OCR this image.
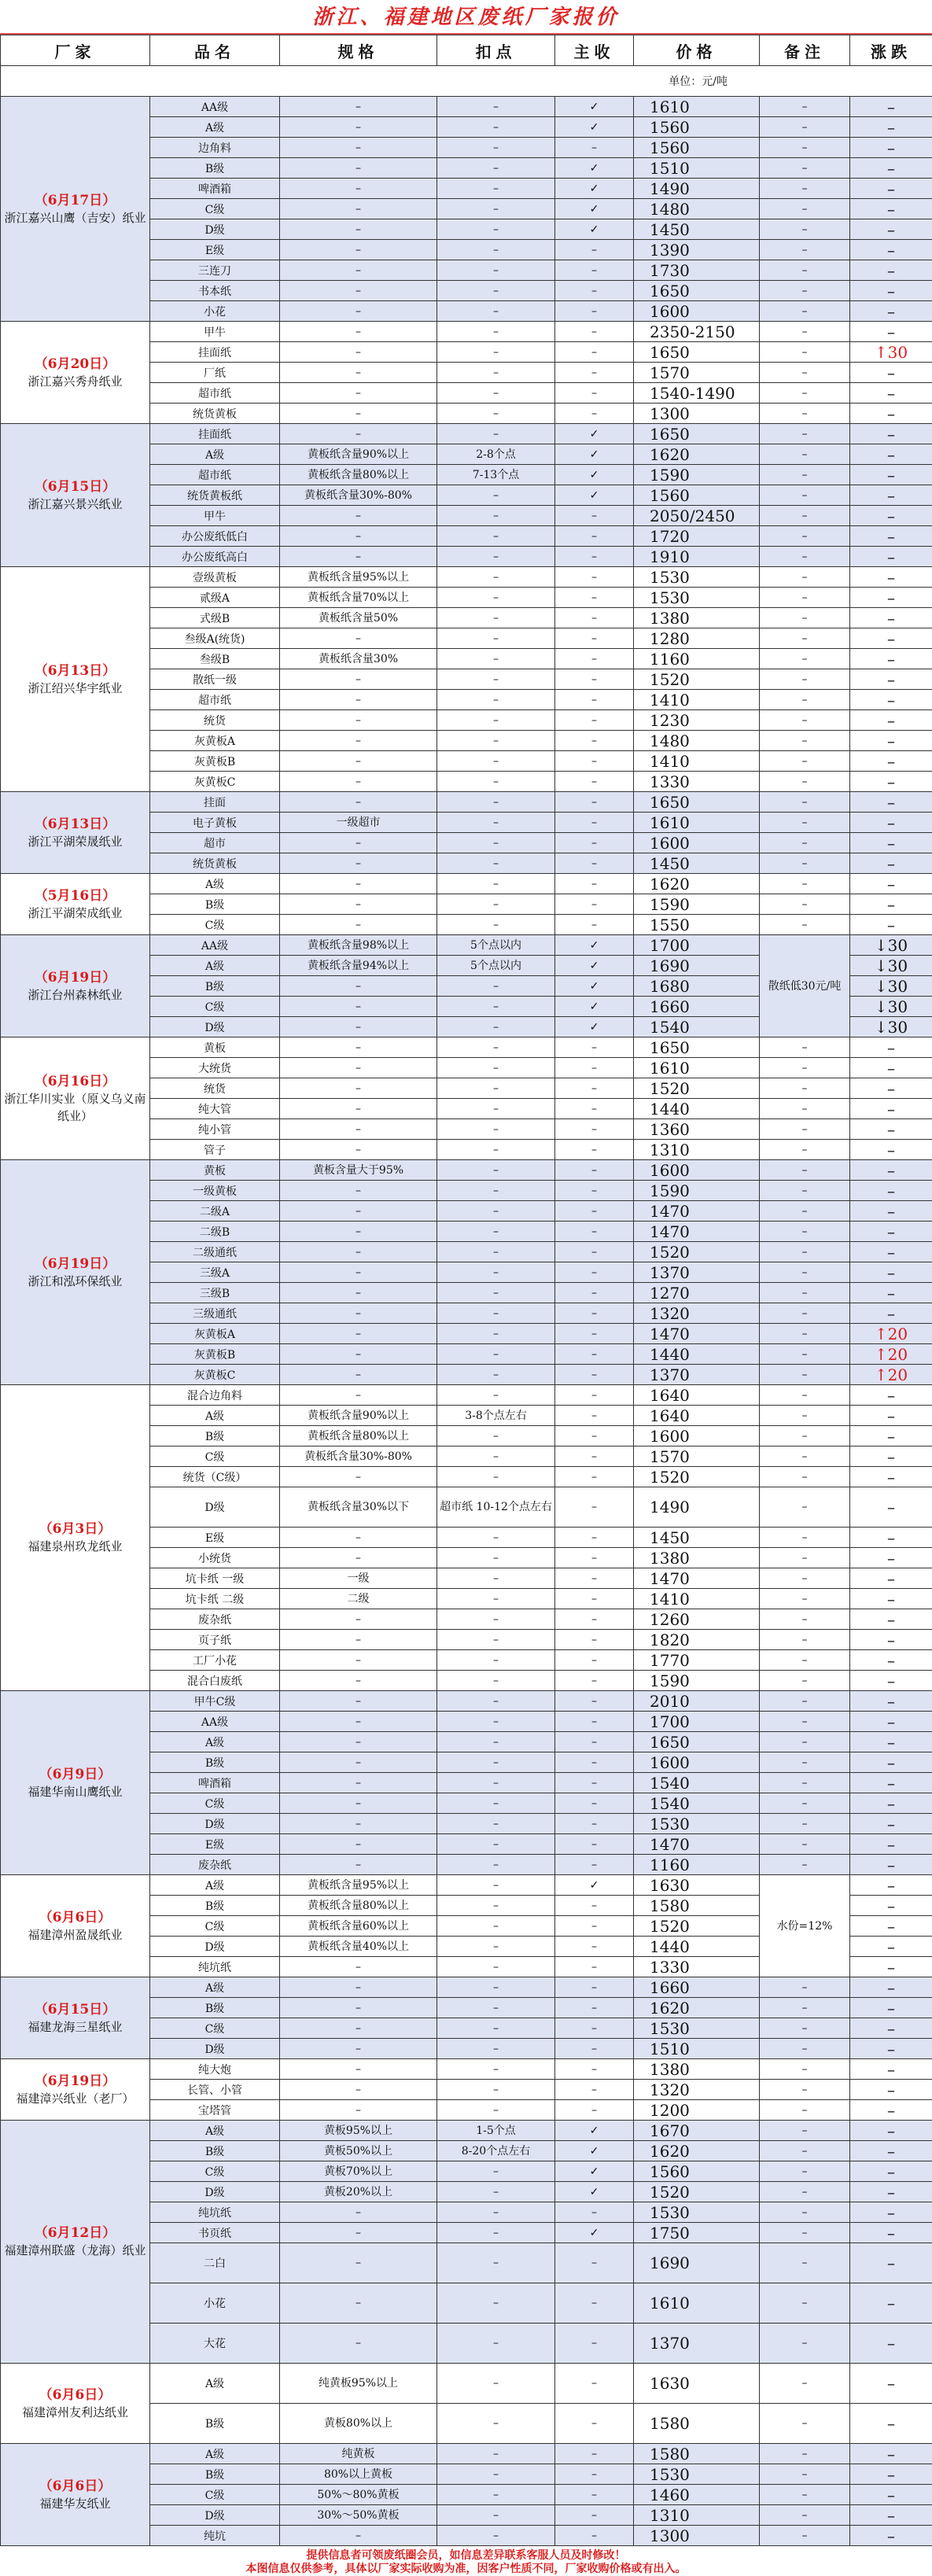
浙江、福建地区废纸厂家报价
厂家	品名	规格	扣点	主收	价格	备注	涨跌
单位：元/吨							

（6月17日）
浙江嘉兴山鹰（吉安）纸业	AA级	–	–	✓	1610	–	–
	A级	–	–	✓	1560	–	–
	边角料	–	–	–	1560	–	–
	B级	–	–	✓	1510	–	–
	啤酒箱	–	–	✓	1490	–	–
	C级	–	–	✓	1480	–	–
	D级	–	–	✓	1450	–	–
	E级	–	–	–	1390	–	–
	三连刀	–	–	–	1730	–	–
	书本纸	–	–	–	1650	–	–
	小花	–	–	–	1600	–	–

（6月20日）
浙江嘉兴秀舟纸业	甲牛	–	–	–	2350-2150	–	–
	挂面纸	–	–	–	1650	–	↑30
	厂纸	–	–	–	1570	–	–
	超市纸	–	–	–	1540-1490	–	–
	统货黄板	–	–	–	1300	–	–

（6月15日）
浙江嘉兴景兴纸业	挂面纸	–	–	✓	1650	–	–
	A级	黄板纸含量90%以上	2-8个点	✓	1620	–	–
	超市纸	黄板纸含量80%以上	7-13个点	✓	1590	–	–
	统货黄板纸	黄板纸含量30%-80%	–	✓	1560	–	–
	甲牛	–	–	–	2050/2450	–	–
	办公废纸低白	–	–	–	1720	–	–
	办公废纸高白	–	–	–	1910	–	–

（6月13日）
浙江绍兴华宇纸业	壹级黄板	黄板纸含量95%以上	–	–	1530	–	–
	贰级A	黄板纸含量70%以上	–	–	1530	–	–
	式级B	黄板纸含量50%	–	–	1380	–	–
	叁级A(统货)	–	–	–	1280	–	–
	叁级B	黄板纸含量30%	–	–	1160	–	–
	散纸一级	–	–	–	1520	–	–
	超市纸	–	–	–	1410	–	–
	统货	–	–	–	1230	–	–
	灰黄板A	–	–	–	1480	–	–
	灰黄板B	–	–	–	1410	–	–
	灰黄板C	–	–	–	1330	–	–

（6月13日）
浙江平湖荣晟纸业	挂面	–	–	–	1650	–	–
	电子黄板	一级超市	–	–	1610	–	–
	超市	–	–	–	1600	–	–
	统货黄板	–	–	–	1450	–	–

（5月16日）
浙江平湖荣成纸业	A级	–	–	–	1620	–	–
	B级	–	–	–	1590	–	–
	C级	–	–	–	1550	–	–

（6月19日）
浙江台州森林纸业	AA级	黄板纸含量98%以上	5个点以内	✓	1700	散纸低30元/吨	↓30
	A级	黄板纸含量94%以上	5个点以内	✓	1690		↓30
	B级	–	–	✓	1680		↓30
	C级	–	–	✓	1660		↓30
	D级	–	–	✓	1540		↓30

（6月16日）
浙江华川实业（原义乌义南纸业）	黄板	–	–	–	1650	–	–
	大统货	–	–	–	1610	–	–
	统货	–	–	–	1520	–	–
	纯大管	–	–	–	1440	–	–
	纯小管	–	–	–	1360	–	–
	管子	–	–	–	1310	–	–

（6月19日）
浙江和泓环保纸业	黄板	黄板含量大于95%	–	–	1600	–	–
	一级黄板	–	–	–	1590	–	–
	二级A	–	–	–	1470	–	–
	二级B	–	–	–	1470	–	–
	二级通纸	–	–	–	1520	–	–
	三级A	–	–	–	1370	–	–
	三级B	–	–	–	1270	–	–
	三级通纸	–	–	–	1320	–	–
	灰黄板A	–	–	–	1470	–	↑20
	灰黄板B	–	–	–	1440	–	↑20
	灰黄板C	–	–	–	1370	–	↑20

（6月3日）
福建泉州玖龙纸业	混合边角料	–	–	–	1640	–	–
	A级	黄板纸含量90%以上	3-8个点左右	–	1640	–	–
	B级	黄板纸含量80%以上	–	–	1600	–	–
	C级	黄板纸含量30%-80%	–	–	1570	–	–
	统货（C级）	–	–	–	1520	–	–
	D级	黄板纸含量30%以下	超市纸 10-12个点左右	–	1490	–	–
	E级	–	–	–	1450	–	–
	小统货	–	–	–	1380	–	–
	坑卡纸 一级	一级	–	–	1470	–	–
	坑卡纸 二级	二级	–	–	1410	–	–
	废杂纸	–	–	–	1260	–	–
	页子纸	–	–	–	1820	–	–
	工厂小花	–	–	–	1770	–	–
	混合白废纸	–	–	–	1590	–	–

（6月9日）
福建华南山鹰纸业	甲牛C级	–	–	–	2010	–	–
	AA级	–	–	–	1700	–	–
	A级	–	–	–	1650	–	–
	B级	–	–	–	1600	–	–
	啤酒箱	–	–	–	1540	–	–
	C级	–	–	–	1540	–	–
	D级	–	–	–	1530	–	–
	E级	–	–	–	1470	–	–
	废杂纸	–	–	–	1160	–	–

（6月6日）
福建漳州盈晟纸业	A级	黄板纸含量95%以上	–	✓	1630	水份=12%	–
	B级	黄板纸含量80%以上	–	–	1580		–
	C级	黄板纸含量60%以上	–	–	1520		–
	D级	黄板纸含量40%以上	–	–	1440		–
	纯坑纸	–	–	–	1330		–

（6月15日）
福建龙海三星纸业	A级	–	–	–	1660	–	–
	B级	–	–	–	1620	–	–
	C级	–	–	–	1530	–	–
	D级	–	–	–	1510	–	–

（6月19日）
福建漳兴纸业（老厂）	纯大炮	–	–	–	1380	–	–
	长管、小管	–	–	–	1320	–	–
	宝塔管	–	–	–	1200	–	–

（6月12日）
福建漳州联盛（龙海）纸业	A级	黄板95%以上	1-5个点	✓	1670	–	–
	B级	黄板50%以上	8-20个点左右	✓	1620	–	–
	C级	黄板70%以上	–	✓	1560	–	–
	D级	黄板20%以上	–	✓	1520	–	–
	纯坑纸	–	–	–	1530	–	–
	书页纸	–	–	✓	1750	–	–
	二白	–	–	–	1690	–	–
	小花	–	–	–	1610	–	–
	大花	–	–	–	1370	–	–

（6月6日）
福建漳州友利达纸业	A级	纯黄板95%以上	–	–	1630	–	–
	B级	黄板80%以上	–	–	1580	–	–

（6月6日）
福建华友纸业	A级	纯黄板	–	–	1580	–	–
	B级	80%以上黄板	–	–	1530	–	–
	C级	50%～80%黄板	–	–	1460	–	–
	D级	30%～50%黄板	–	–	1310	–	–
	纯坑	–	–	–	1300	–	–
提供信息者可领废纸圈会员，如信息差异联系客服人员及时修改！
本图信息仅供参考，具体以厂家实际收购为准，因客户性质不同，厂家收购价格或有出入。
